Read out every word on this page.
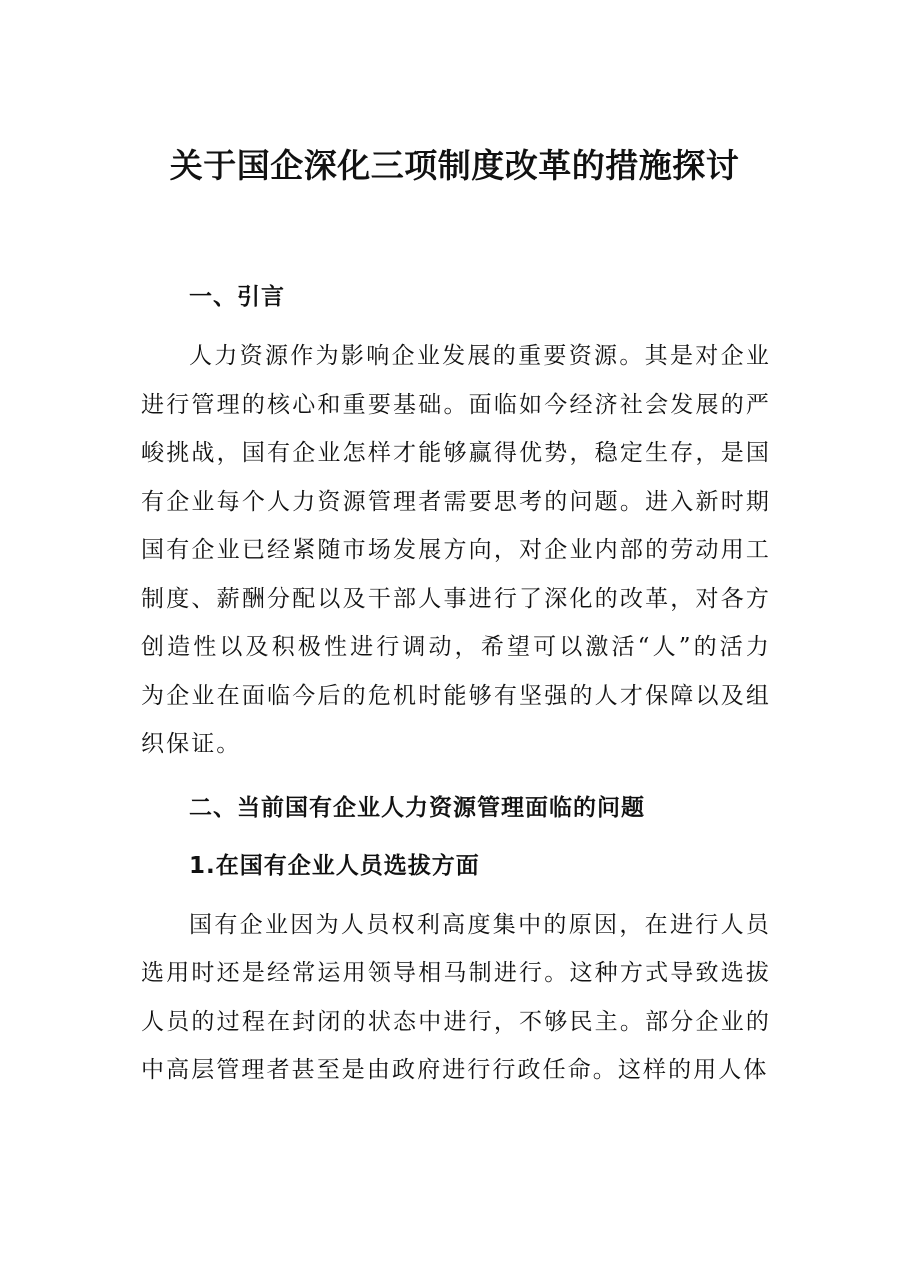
关于国企深化三项制度改革的措施探讨
一、引言

人力资源作为影响企业发展的重要资源。其是对企业进行管理的核心和重要基础。面临如今经济社会发展的严峻挑战，国有企业怎样才能够赢得优势，稳定生存，是国有企业每个人力资源管理者需要思考的问题。进入新时期国有企业已经紧随市场发展方向，对企业内部的劳动用工制度、薪酬分配以及干部人事进行了深化的改革，对各方创造性以及积极性进行调动，希望可以激活“人”的活力为企业在面临今后的危机时能够有坚强的人才保障以及组织保证。

二、当前国有企业人力资源管理面临的问题
1.在国有企业人员选拔方面

国有企业因为人员权利高度集中的原因，在进行人员选用时还是经常运用领导相马制进行。这种方式导致选拔人员的过程在封闭的状态中进行，不够民主。部分企业的中高层管理者甚至是由政府进行行政任命。这样的用人体
